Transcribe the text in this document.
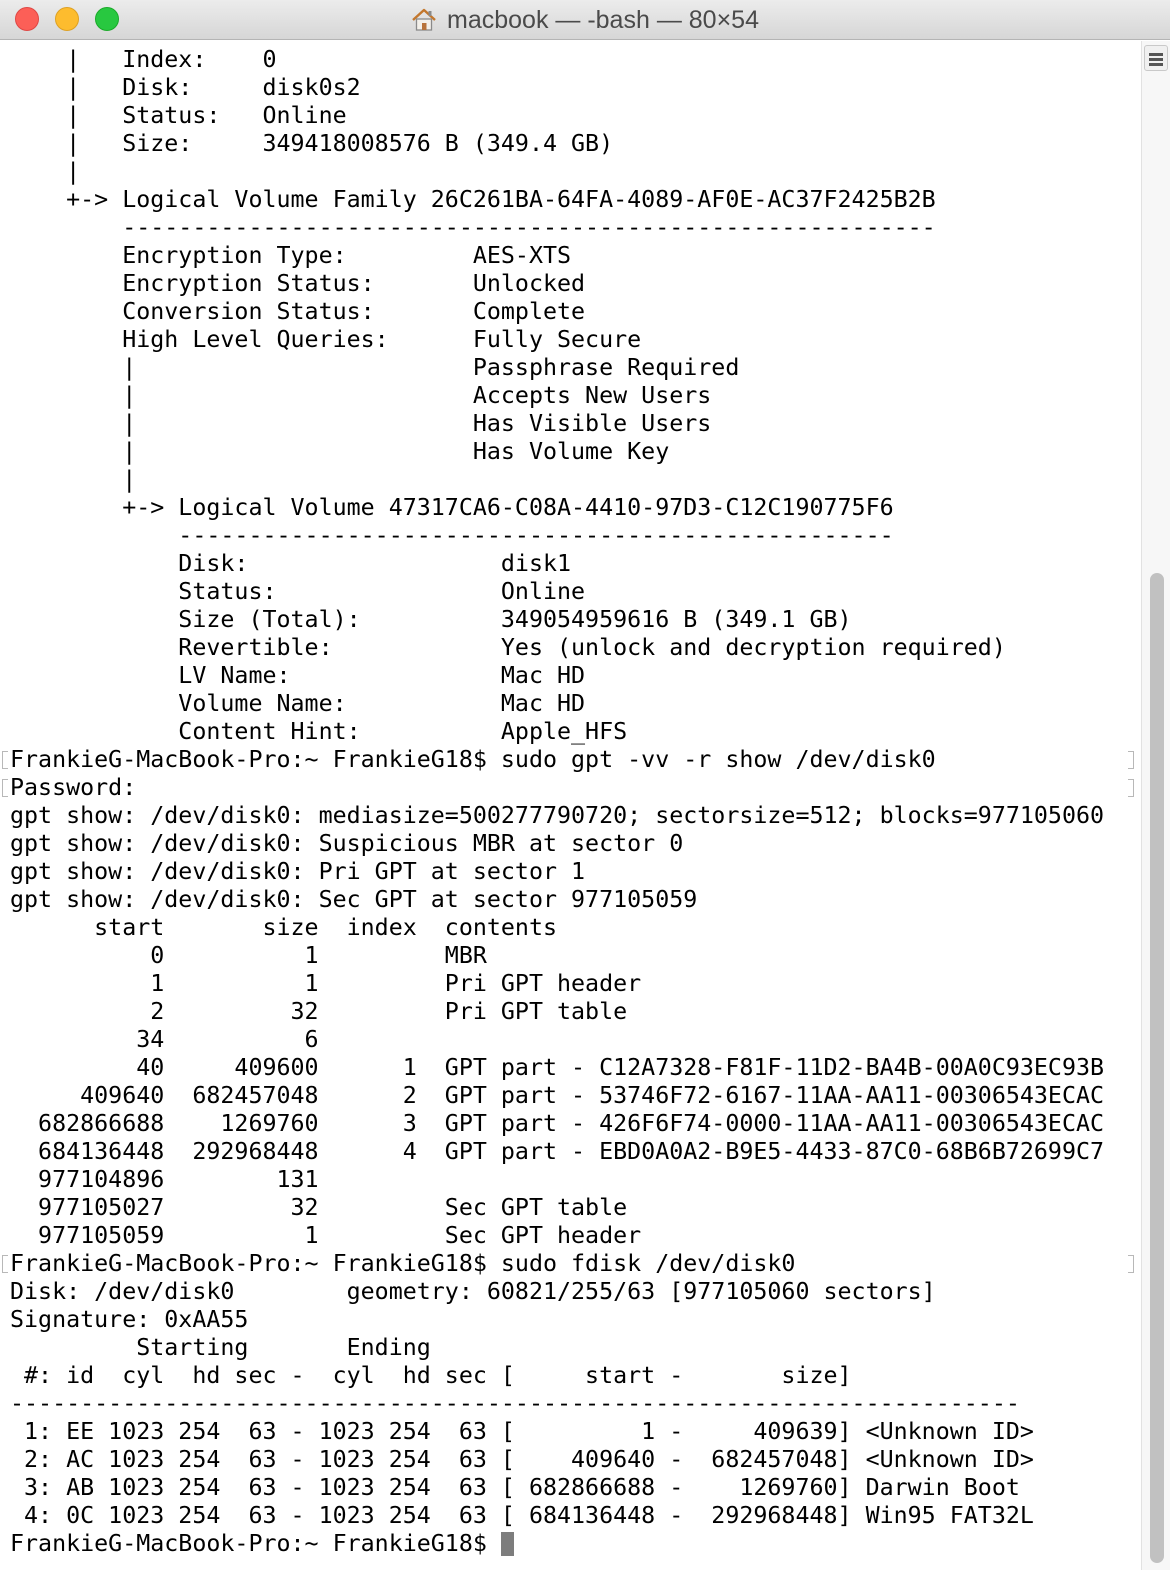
macbook — -bash — 80×54
|   Index:    0
|   Disk:     disk0s2
|   Status:   Online
|   Size:     349418008576 B (349.4 GB)
|
+-> Logical Volume Family 26C261BA-64FA-4089-AF0E-AC37F2425B2B
----------------------------------------------------------
Encryption Type:         AES-XTS
Encryption Status:       Unlocked
Conversion Status:       Complete
High Level Queries:      Fully Secure
|                        Passphrase Required
|                        Accepts New Users
|                        Has Visible Users
|                        Has Volume Key
|
+-> Logical Volume 47317CA6-C08A-4410-97D3-C12C190775F6
---------------------------------------------------
Disk:                  disk1
Status:                Online
Size (Total):          349054959616 B (349.1 GB)
Revertible:            Yes (unlock and decryption required)
LV Name:               Mac HD
Volume Name:           Mac HD
Content Hint:          Apple_HFS
FrankieG-MacBook-Pro:~ FrankieG18$ sudo gpt -vv -r show /dev/disk0
Password:
gpt show: /dev/disk0: mediasize=500277790720; sectorsize=512; blocks=977105060
gpt show: /dev/disk0: Suspicious MBR at sector 0
gpt show: /dev/disk0: Pri GPT at sector 1
gpt show: /dev/disk0: Sec GPT at sector 977105059
start       size  index  contents
0          1         MBR
1          1         Pri GPT header
2         32         Pri GPT table
34          6
40     409600      1  GPT part - C12A7328-F81F-11D2-BA4B-00A0C93EC93B
409640  682457048      2  GPT part - 53746F72-6167-11AA-AA11-00306543ECAC
682866688    1269760      3  GPT part - 426F6F74-0000-11AA-AA11-00306543ECAC
684136448  292968448      4  GPT part - EBD0A0A2-B9E5-4433-87C0-68B6B72699C7
977104896        131
977105027         32         Sec GPT table
977105059          1         Sec GPT header
FrankieG-MacBook-Pro:~ FrankieG18$ sudo fdisk /dev/disk0
Disk: /dev/disk0        geometry: 60821/255/63 [977105060 sectors]
Signature: 0xAA55
Starting       Ending
#: id  cyl  hd sec -  cyl  hd sec [     start -       size]
------------------------------------------------------------------------
1: EE 1023 254  63 - 1023 254  63 [         1 -     409639] <Unknown ID>
2: AC 1023 254  63 - 1023 254  63 [    409640 -  682457048] <Unknown ID>
3: AB 1023 254  63 - 1023 254  63 [ 682866688 -    1269760] Darwin Boot
4: 0C 1023 254  63 - 1023 254  63 [ 684136448 -  292968448] Win95 FAT32L
FrankieG-MacBook-Pro:~ FrankieG18$
